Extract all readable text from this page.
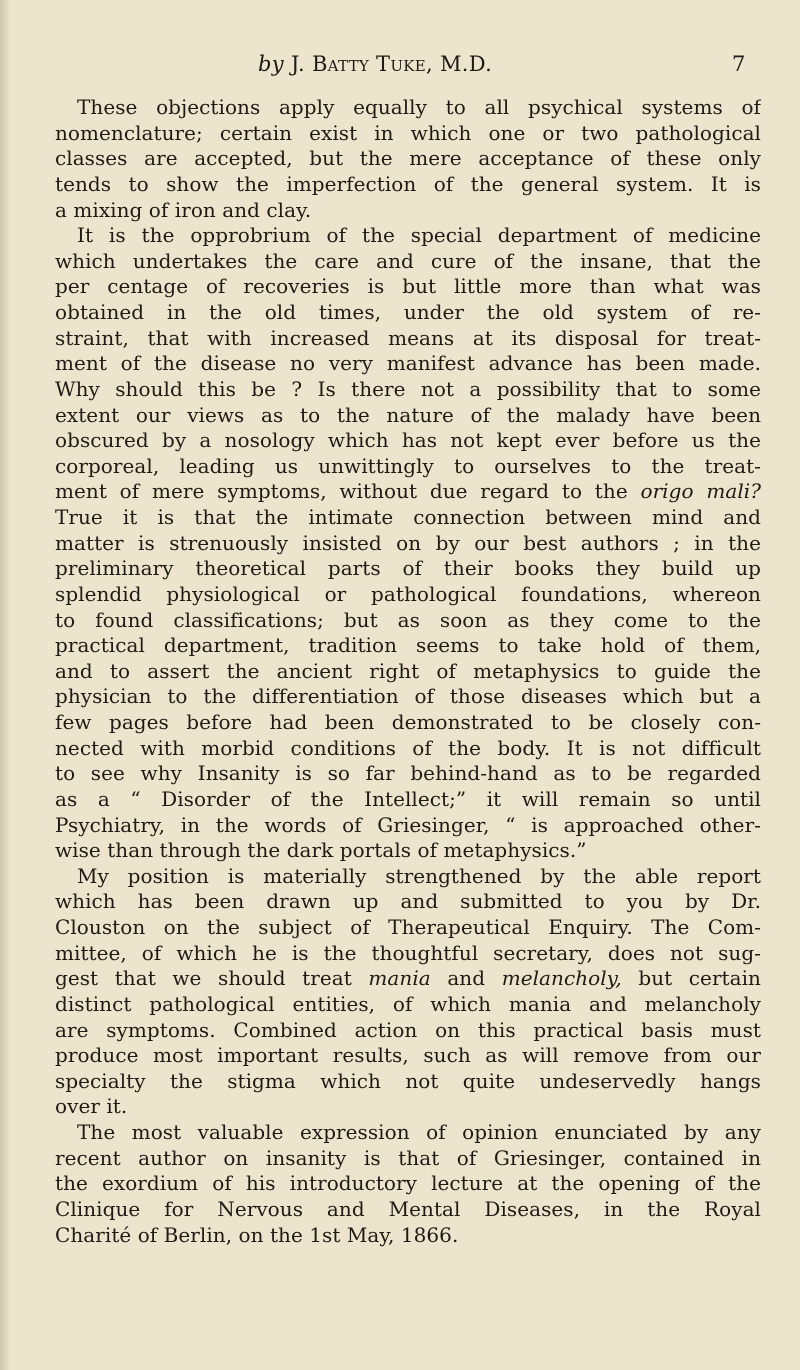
by J. Batty Tuke, M.D.	7
These objections apply equally to all psychical systems of
nomenclature; certain exist in which one or two pathological
classes are accepted, but the mere acceptance of these only
tends to show the imperfection of the general system. It is
a mixing of iron and clay.
It is the opprobrium of the special department of medicine
which undertakes the care and cure of the insane, that the
per centage of recoveries is but little more than what was
obtained in the old times, under the old system of re-
straint, that with increased means at its disposal for treat-
ment of the disease no very manifest advance has been made.
Why should this be ? Is there not a possibility that to some
extent our views as to the nature of the malady have been
obscured by a nosology which has not kept ever before us the
corporeal, leading us unwittingly to ourselves to the treat-
ment of mere symptoms, without due regard to the origo mali?
True it is that the intimate connection between mind and
matter is strenuously insisted on by our best authors ; in the
preliminary theoretical parts of their books they build up
splendid physiological or pathological foundations, whereon
to found classifications; but as soon as they come to the
practical department, tradition seems to take hold of them,
and to assert the ancient right of metaphysics to guide the
physician to the differentiation of those diseases which but a
few pages before had been demonstrated to be closely con-
nected with morbid conditions of the body. It is not difficult
to see why Insanity is so far behind-hand as to be regarded
as a “ Disorder of the Intellect;” it will remain so until
Psychiatry, in the words of Griesinger, “ is approached other-
wise than through the dark portals of metaphysics.”
My position is materially strengthened by the able report
which has been drawn up and submitted to you by Dr.
Clouston on the subject of Therapeutical Enquiry. The Com-
mittee, of which he is the thoughtful secretary, does not sug-
gest that we should treat mania and melancholy, but certain
distinct pathological entities, of which mania and melancholy
are symptoms. Combined action on this practical basis must
produce most important results, such as will remove from our
specialty the stigma which not quite undeservedly hangs
over it.
The most valuable expression of opinion enunciated by any
recent author on insanity is that of Griesinger, contained in
the exordium of his introductory lecture at the opening of the
Clinique for Nervous and Mental Diseases, in the Royal
Charité of Berlin, on the 1st May, 1866.
